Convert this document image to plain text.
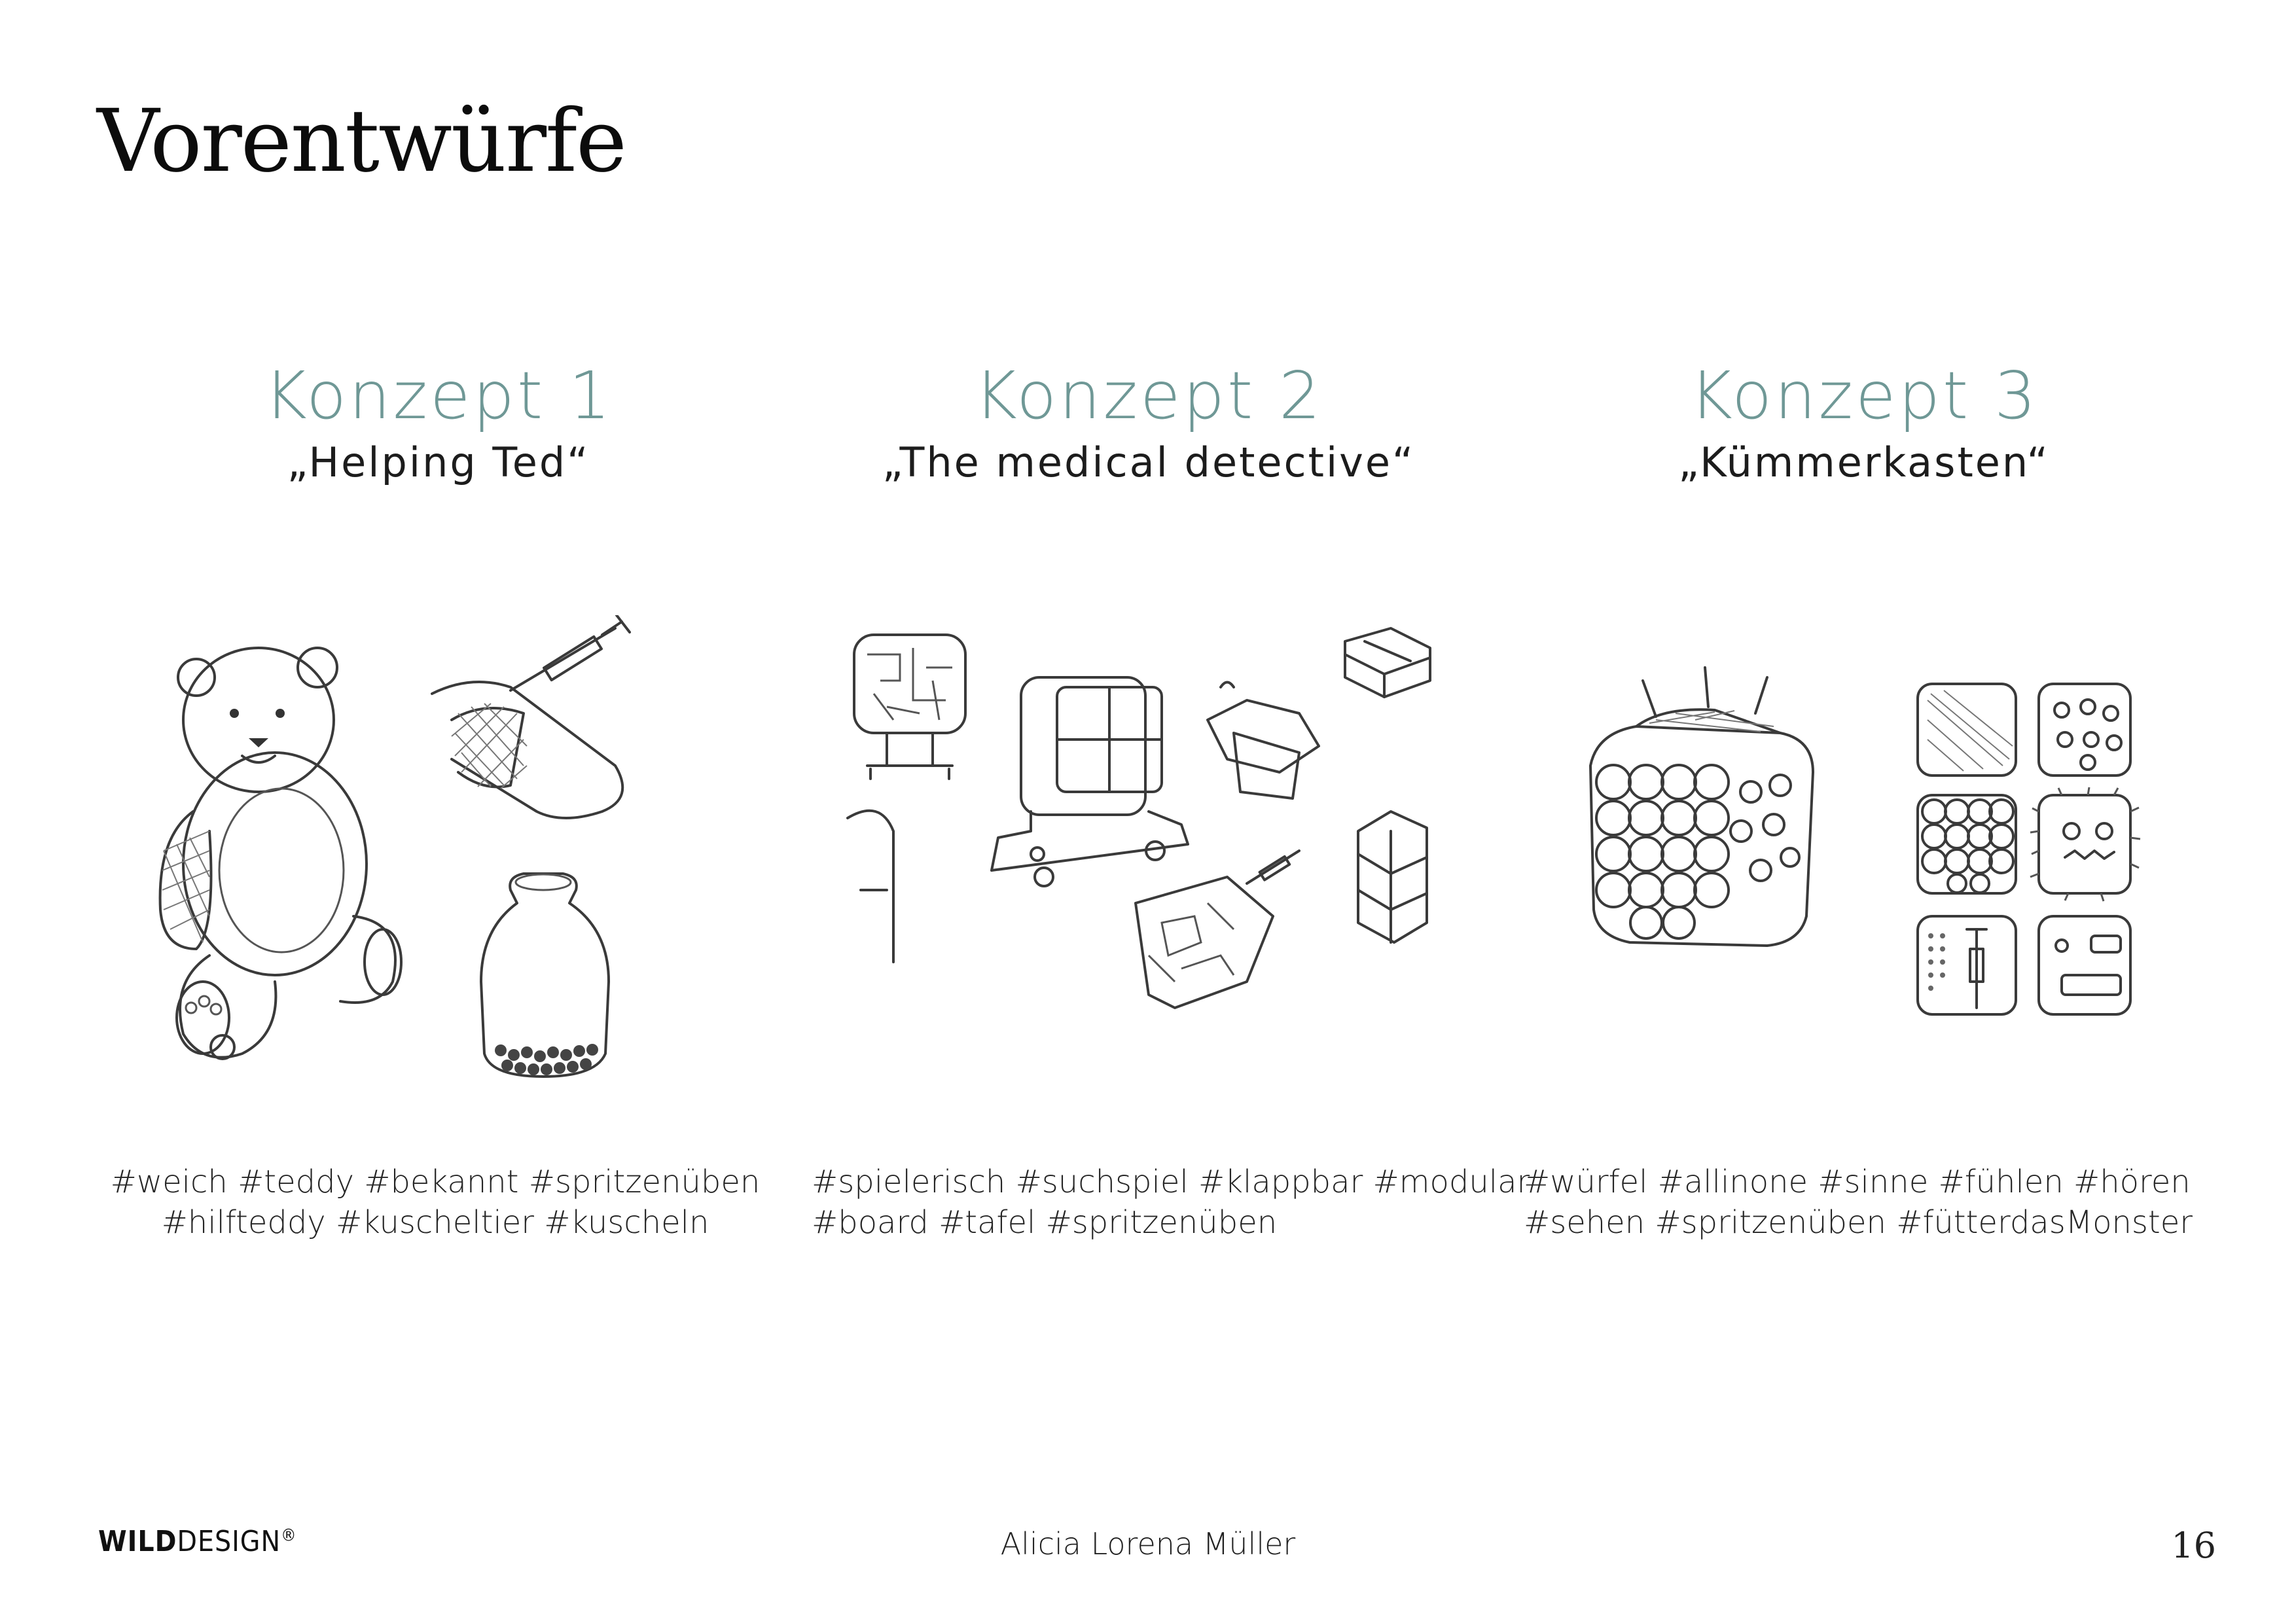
Vorentwürfe
Konzept 1
„Helping Ted“
Konzept 2
„The medical detective“
Konzept 3
„Kümmerkasten“
#weich #teddy #bekannt #spritzenüben
#hilfteddy #kuscheltier #kuscheln
#spielerisch #suchspiel #klappbar #modular
#board #tafel #spritzenüben
#würfel #allinone #sinne #fühlen #hören
#sehen #spritzenüben #fütterdasMonster
WILDDESIGN®	Alicia Lorena Müller	16
